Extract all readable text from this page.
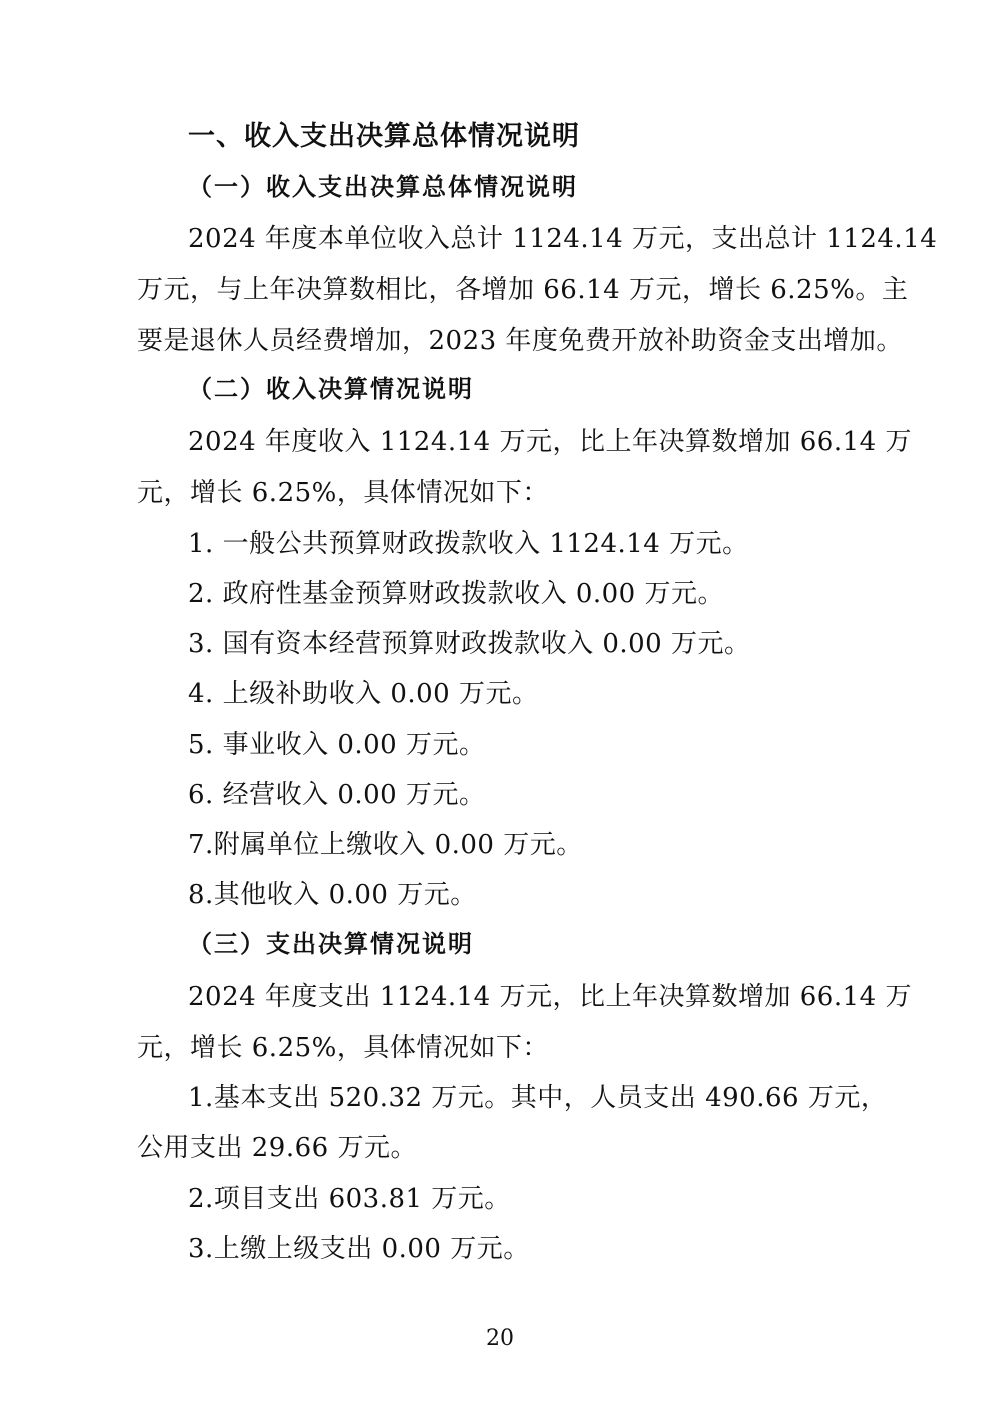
一、收入支出决算总体情况说明
（一）收入支出决算总体情况说明
2024 年度本单位收入总计 1124.14 万元，支出总计 1124.14
万元，与上年决算数相比，各增加 66.14 万元，增长 6.25%。主
要是退休人员经费增加，2023 年度免费开放补助资金支出增加。
（二）收入决算情况说明
2024 年度收入 1124.14 万元，比上年决算数增加 66.14 万
元，增长 6.25%，具体情况如下：
1. 一般公共预算财政拨款收入 1124.14 万元。
2. 政府性基金预算财政拨款收入 0.00 万元。
3. 国有资本经营预算财政拨款收入 0.00 万元。
4. 上级补助收入 0.00 万元。
5. 事业收入 0.00 万元。
6. 经营收入 0.00 万元。
7.附属单位上缴收入 0.00 万元。
8.其他收入 0.00 万元。
（三）支出决算情况说明
2024 年度支出 1124.14 万元，比上年决算数增加 66.14 万
元，增长 6.25%，具体情况如下：
1.基本支出 520.32 万元。其中，人员支出 490.66 万元，
公用支出 29.66 万元。
2.项目支出 603.81 万元。
3.上缴上级支出 0.00 万元。
20
